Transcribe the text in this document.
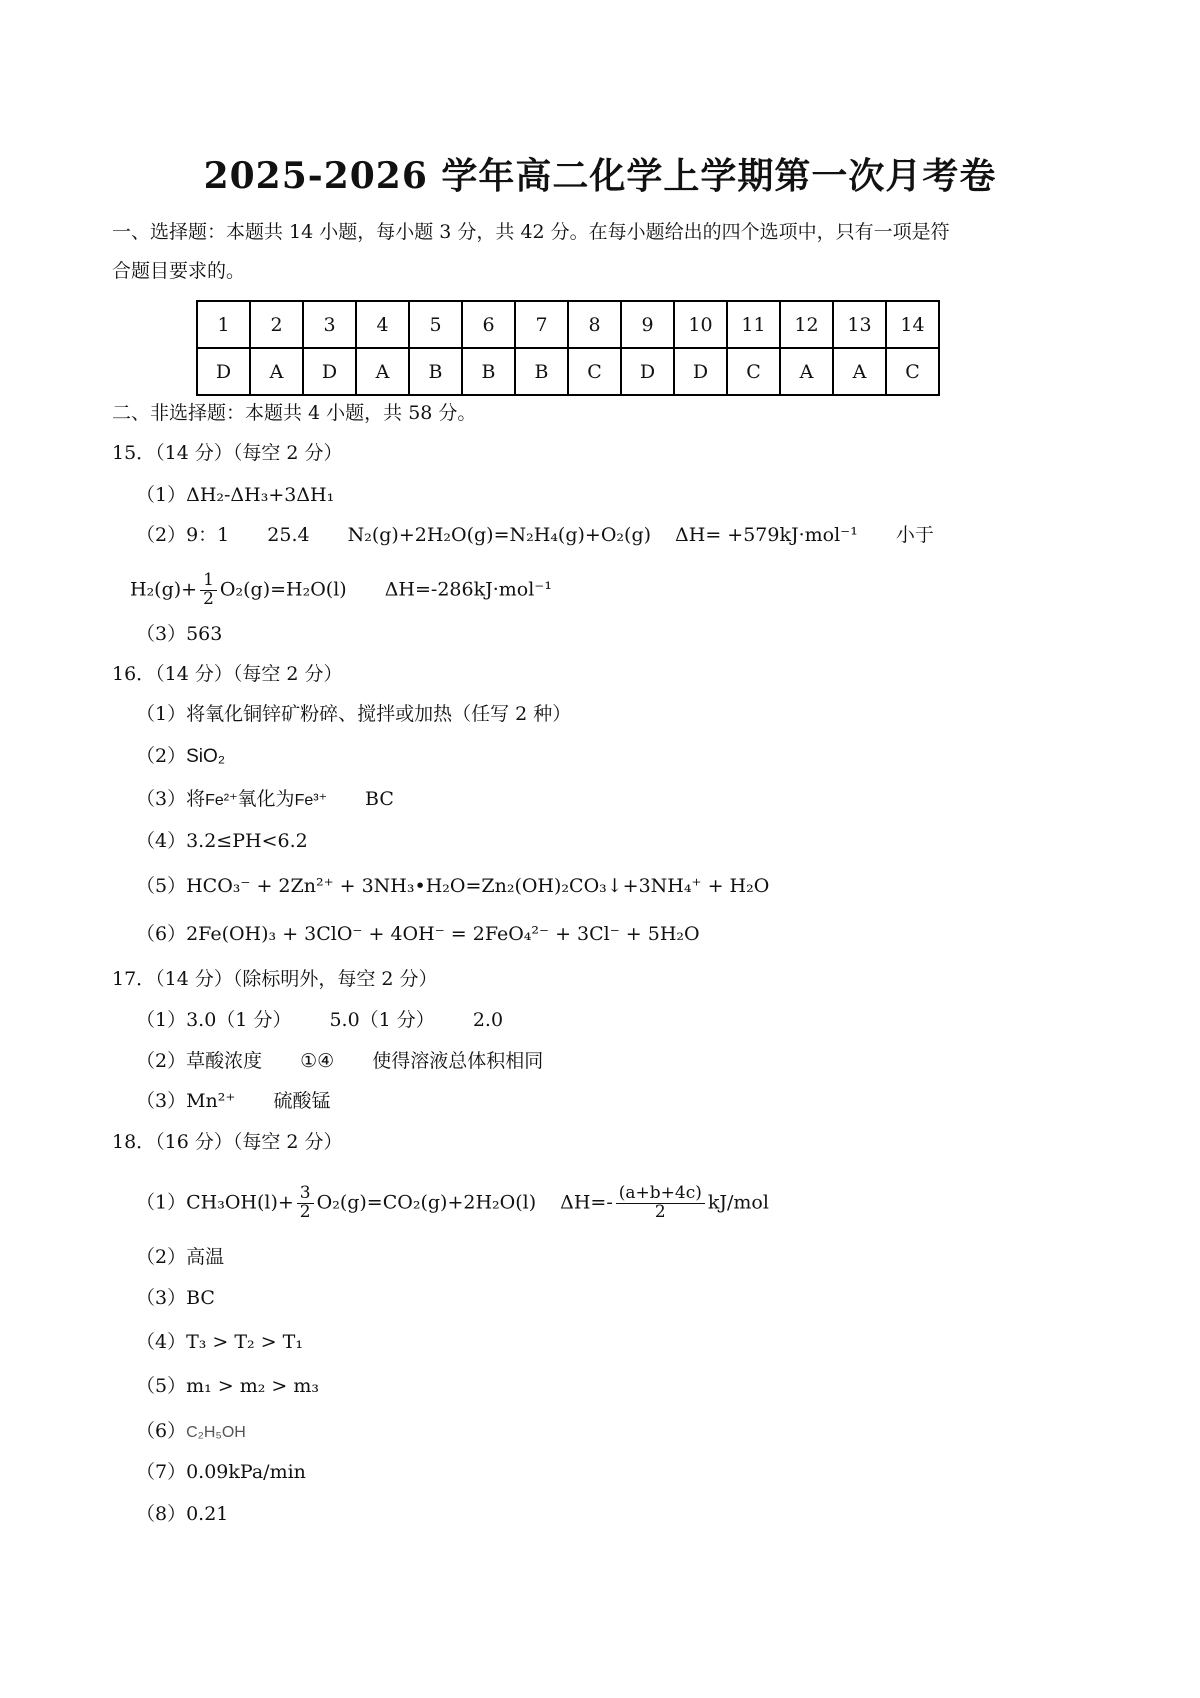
2025-2026 学年高二化学上学期第一次月考卷
一、选择题：本题共 14 小题，每小题 3 分，共 42 分。在每小题给出的四个选项中，只有一项是符
合题目要求的。
1	2	3	4	5	6	7	8	9	10	11	12	13	14
D	A	D	A	B	B	B	C	D	D	C	A	A	C
二、非选择题：本题共 4 小题，共 58 分。
15．（14 分）（每空 2 分）
（1）ΔH₂-ΔH₃+3ΔH₁
（2）9：1 25.4 N₂(g)+2H₂O(g)=N₂H₄(g)+O₂(g) ΔH= +579kJ·mol⁻¹ 小于
$H_2(g)+ \frac{1}{2} O_2(g)=H_2O(l)$ ΔH=-286kJ·mol⁻¹
（3）563
16．（14 分）（每空 2 分）
（1）将氧化铜锌矿粉碎、搅拌或加热（任写 2 种）
（2）SiO₂
（3）将Fe²⁺氧化为Fe³⁺ BC
（4）3.2≤PH<6.2
（5）HCO₃⁻ + 2Zn²⁺ + 3NH₃•H₂O=Zn₂(OH)₂CO₃↓+3NH₄⁺ + H₂O
（6）2Fe(OH)₃ + 3ClO⁻ + 4OH⁻ = 2FeO₄²⁻ + 3Cl⁻ + 5H₂O
17．（14 分）（除标明外，每空 2 分）
（1）3.0（1 分） 5.0（1 分） 2.0
（2）草酸浓度 ①④ 使得溶液总体积相同
（3）Mn²⁺ 硫酸锰
18．（16 分）（每空 2 分）
$(1)CH_3OH(l)+ \frac{3}{2} O_2(g)=CO_2(g)+2H_2O(l)$ $\Delta H=- \frac{(a+b+4c)}{2} kJ/mol$
（2）高温
（3）BC
（4）T₃ > T₂ > T₁
（5）m₁ > m₂ > m₃
（6）C₂H₅OH
（7）0.09kPa/min
（8）0.21
